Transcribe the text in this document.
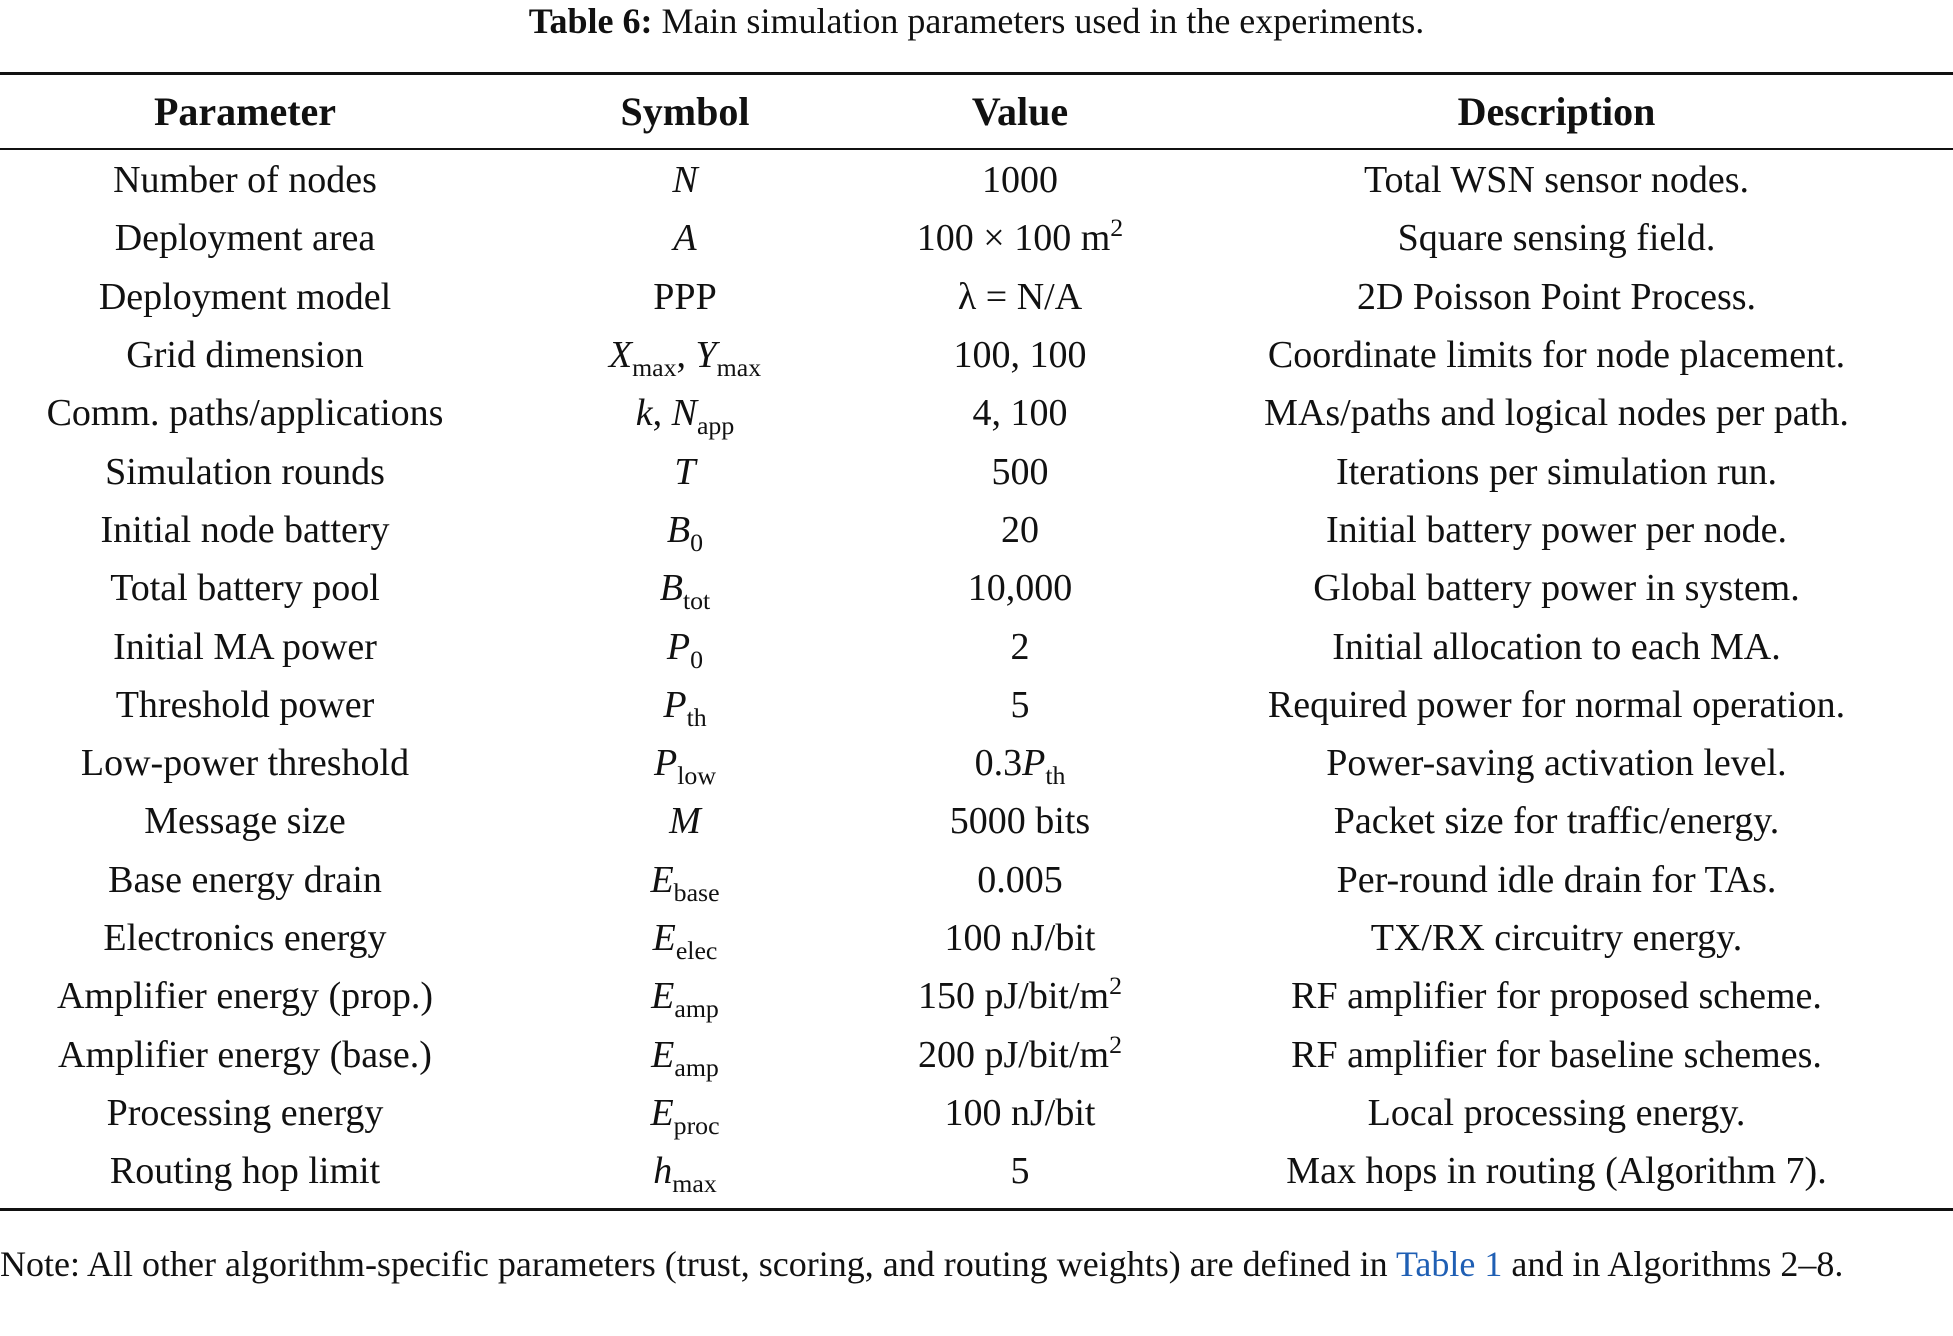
Table 6: Main simulation parameters used in the experiments.
Parameter	Symbol	Value	Description
Number of nodes	N	1000	Total WSN sensor nodes.
Deployment area	A	100 × 100 $m^2$	Square sensing field.
Deployment model	PPP	λ = N/A	2D Poisson Point Process.
Grid dimension	$X_{max}$, $Y_{max}$	100, 100	Coordinate limits for node placement.
Comm. paths/applications	k, $N_{app}$	4, 100	MAs/paths and logical nodes per path.
Simulation rounds	T	500	Iterations per simulation run.
Initial node battery	$B_0$	20	Initial battery power per node.
Total battery pool	$B_{tot}$	10,000	Global battery power in system.
Initial MA power	$P_0$	2	Initial allocation to each MA.
Threshold power	$P_{th}$	5	Required power for normal operation.
Low-power threshold	$P_{low}$	$0.3P_{th}$	Power-saving activation level.
Message size	M	5000 bits	Packet size for traffic/energy.
Base energy drain	$E_{base}$	0.005	Per-round idle drain for TAs.
Electronics energy	$E_{elec}$	100 nJ/bit	TX/RX circuitry energy.
Amplifier energy (prop.)	$E_{amp}$	150 $pJ/bit/m^2$	RF amplifier for proposed scheme.
Amplifier energy (base.)	$E_{amp}$	200 $pJ/bit/m^2$	RF amplifier for baseline schemes.
Processing energy	$E_{proc}$	100 nJ/bit	Local processing energy.
Routing hop limit	$h_{max}$	5	Max hops in routing (Algorithm 7).
Note: All other algorithm-specific parameters (trust, scoring, and routing weights) are defined in Table 1 and in Algorithms 2–8.
